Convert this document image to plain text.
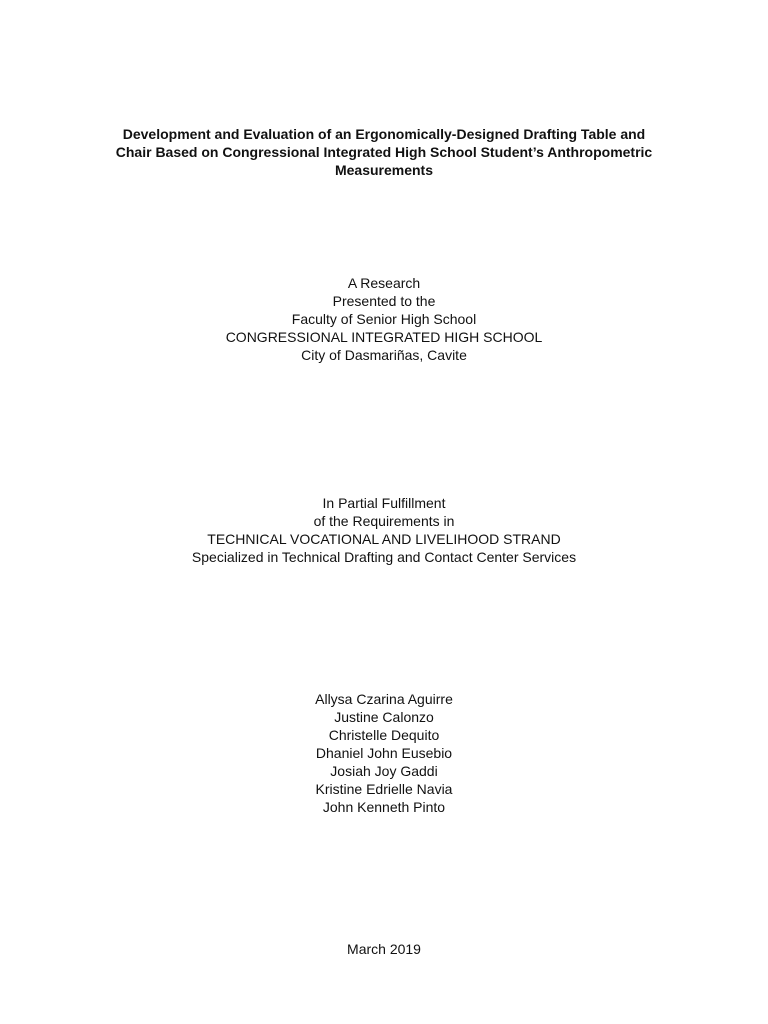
Development and Evaluation of an Ergonomically-Designed Drafting Table and
Chair Based on Congressional Integrated High School Student’s Anthropometric
Measurements
A Research
Presented to the
Faculty of Senior High School
CONGRESSIONAL INTEGRATED HIGH SCHOOL
City of Dasmariñas, Cavite
In Partial Fulfillment
of the Requirements in
TECHNICAL VOCATIONAL AND LIVELIHOOD STRAND
Specialized in Technical Drafting and Contact Center Services
Allysa Czarina Aguirre
Justine Calonzo
Christelle Dequito
Dhaniel John Eusebio
Josiah Joy Gaddi
Kristine Edrielle Navia
John Kenneth Pinto
March 2019
